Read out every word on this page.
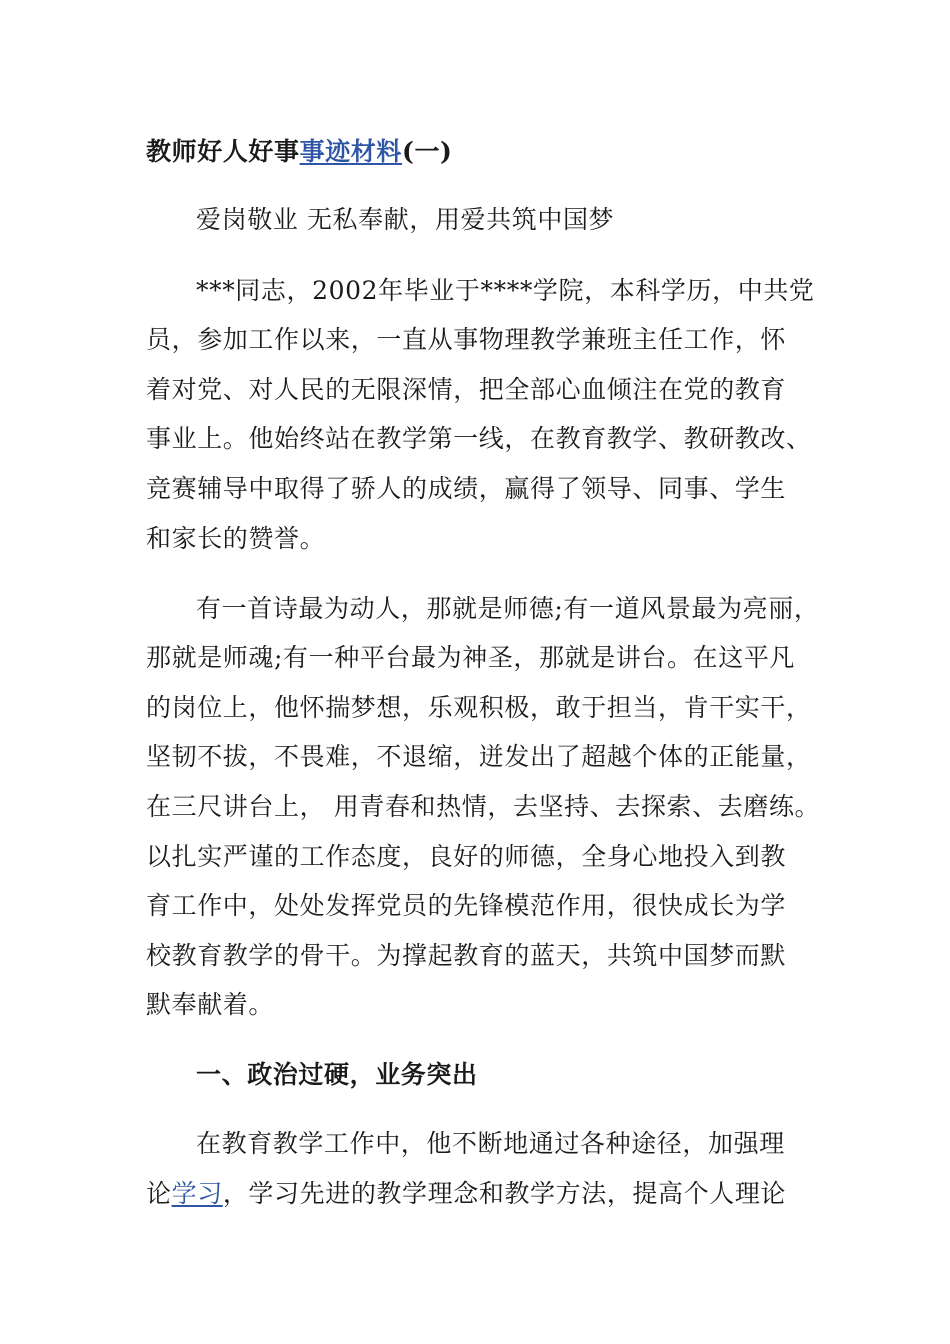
教师好人好事事迹材料(一)
爱岗敬业 无私奉献，用爱共筑中国梦
***同志，2002年毕业于****学院，本科学历，中共党
员，参加工作以来，一直从事物理教学兼班主任工作，怀
着对党、对人民的无限深情，把全部心血倾注在党的教育
事业上。他始终站在教学第一线，在教育教学、教研教改、
竞赛辅导中取得了骄人的成绩，赢得了领导、同事、学生
和家长的赞誉。
有一首诗最为动人，那就是师德;有一道风景最为亮丽，
那就是师魂;有一种平台最为神圣，那就是讲台。在这平凡
的岗位上，他怀揣梦想，乐观积极，敢于担当，肯干实干，
坚韧不拔，不畏难，不退缩，迸发出了超越个体的正能量，
在三尺讲台上， 用青春和热情，去坚持、去探索、去磨练。
以扎实严谨的工作态度，良好的师德，全身心地投入到教
育工作中，处处发挥党员的先锋模范作用，很快成长为学
校教育教学的骨干。为撑起教育的蓝天，共筑中国梦而默
默奉献着。
一、政治过硬，业务突出
在教育教学工作中，他不断地通过各种途径，加强理
论学习，学习先进的教学理念和教学方法，提高个人理论
